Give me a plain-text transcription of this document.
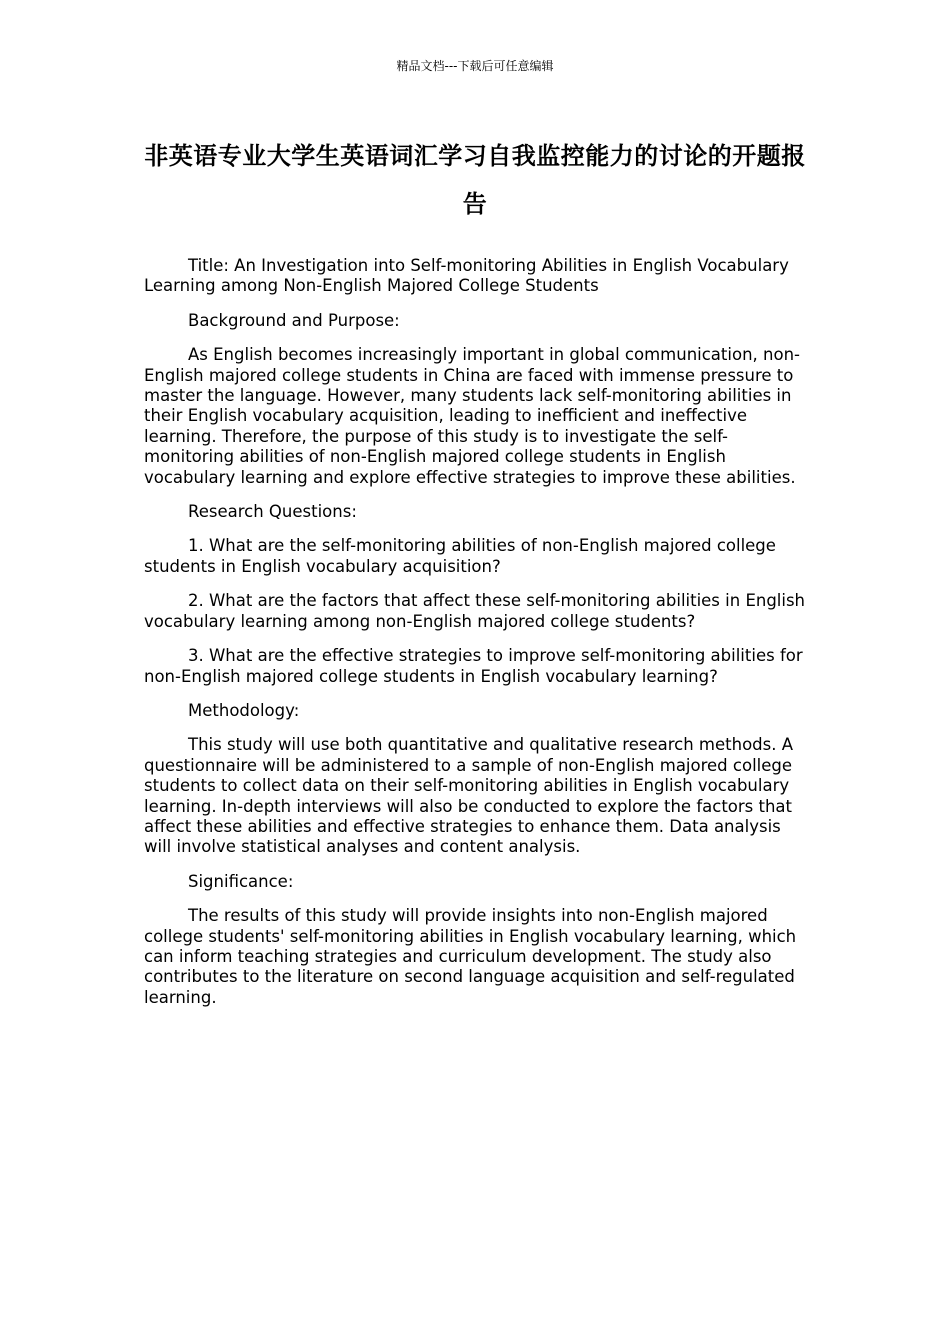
精品文档---下载后可任意编辑
非英语专业大学生英语词汇学习自我监控能力的讨论的开题报告

Title: An Investigation into Self-monitoring Abilities in English Vocabulary Learning among Non-English Majored College Students

Background and Purpose:

As English becomes increasingly important in global communication, non-English majored college students in China are faced with immense pressure to master the language. However, many students lack self-monitoring abilities in their English vocabulary acquisition, leading to inefficient and ineffective learning. Therefore, the purpose of this study is to investigate the self-monitoring abilities of non-English majored college students in English vocabulary learning and explore effective strategies to improve these abilities.

Research Questions:

1. What are the self-monitoring abilities of non-English majored college students in English vocabulary acquisition?

2. What are the factors that affect these self-monitoring abilities in English vocabulary learning among non-English majored college students?

3. What are the effective strategies to improve self-monitoring abilities for non-English majored college students in English vocabulary learning?

Methodology:

This study will use both quantitative and qualitative research methods. A questionnaire will be administered to a sample of non-English majored college students to collect data on their self-monitoring abilities in English vocabulary learning. In-depth interviews will also be conducted to explore the factors that affect these abilities and effective strategies to enhance them. Data analysis will involve statistical analyses and content analysis.

Significance:

The results of this study will provide insights into non-English majored college students' self-monitoring abilities in English vocabulary learning, which can inform teaching strategies and curriculum development. The study also contributes to the literature on second language acquisition and self-regulated learning.
